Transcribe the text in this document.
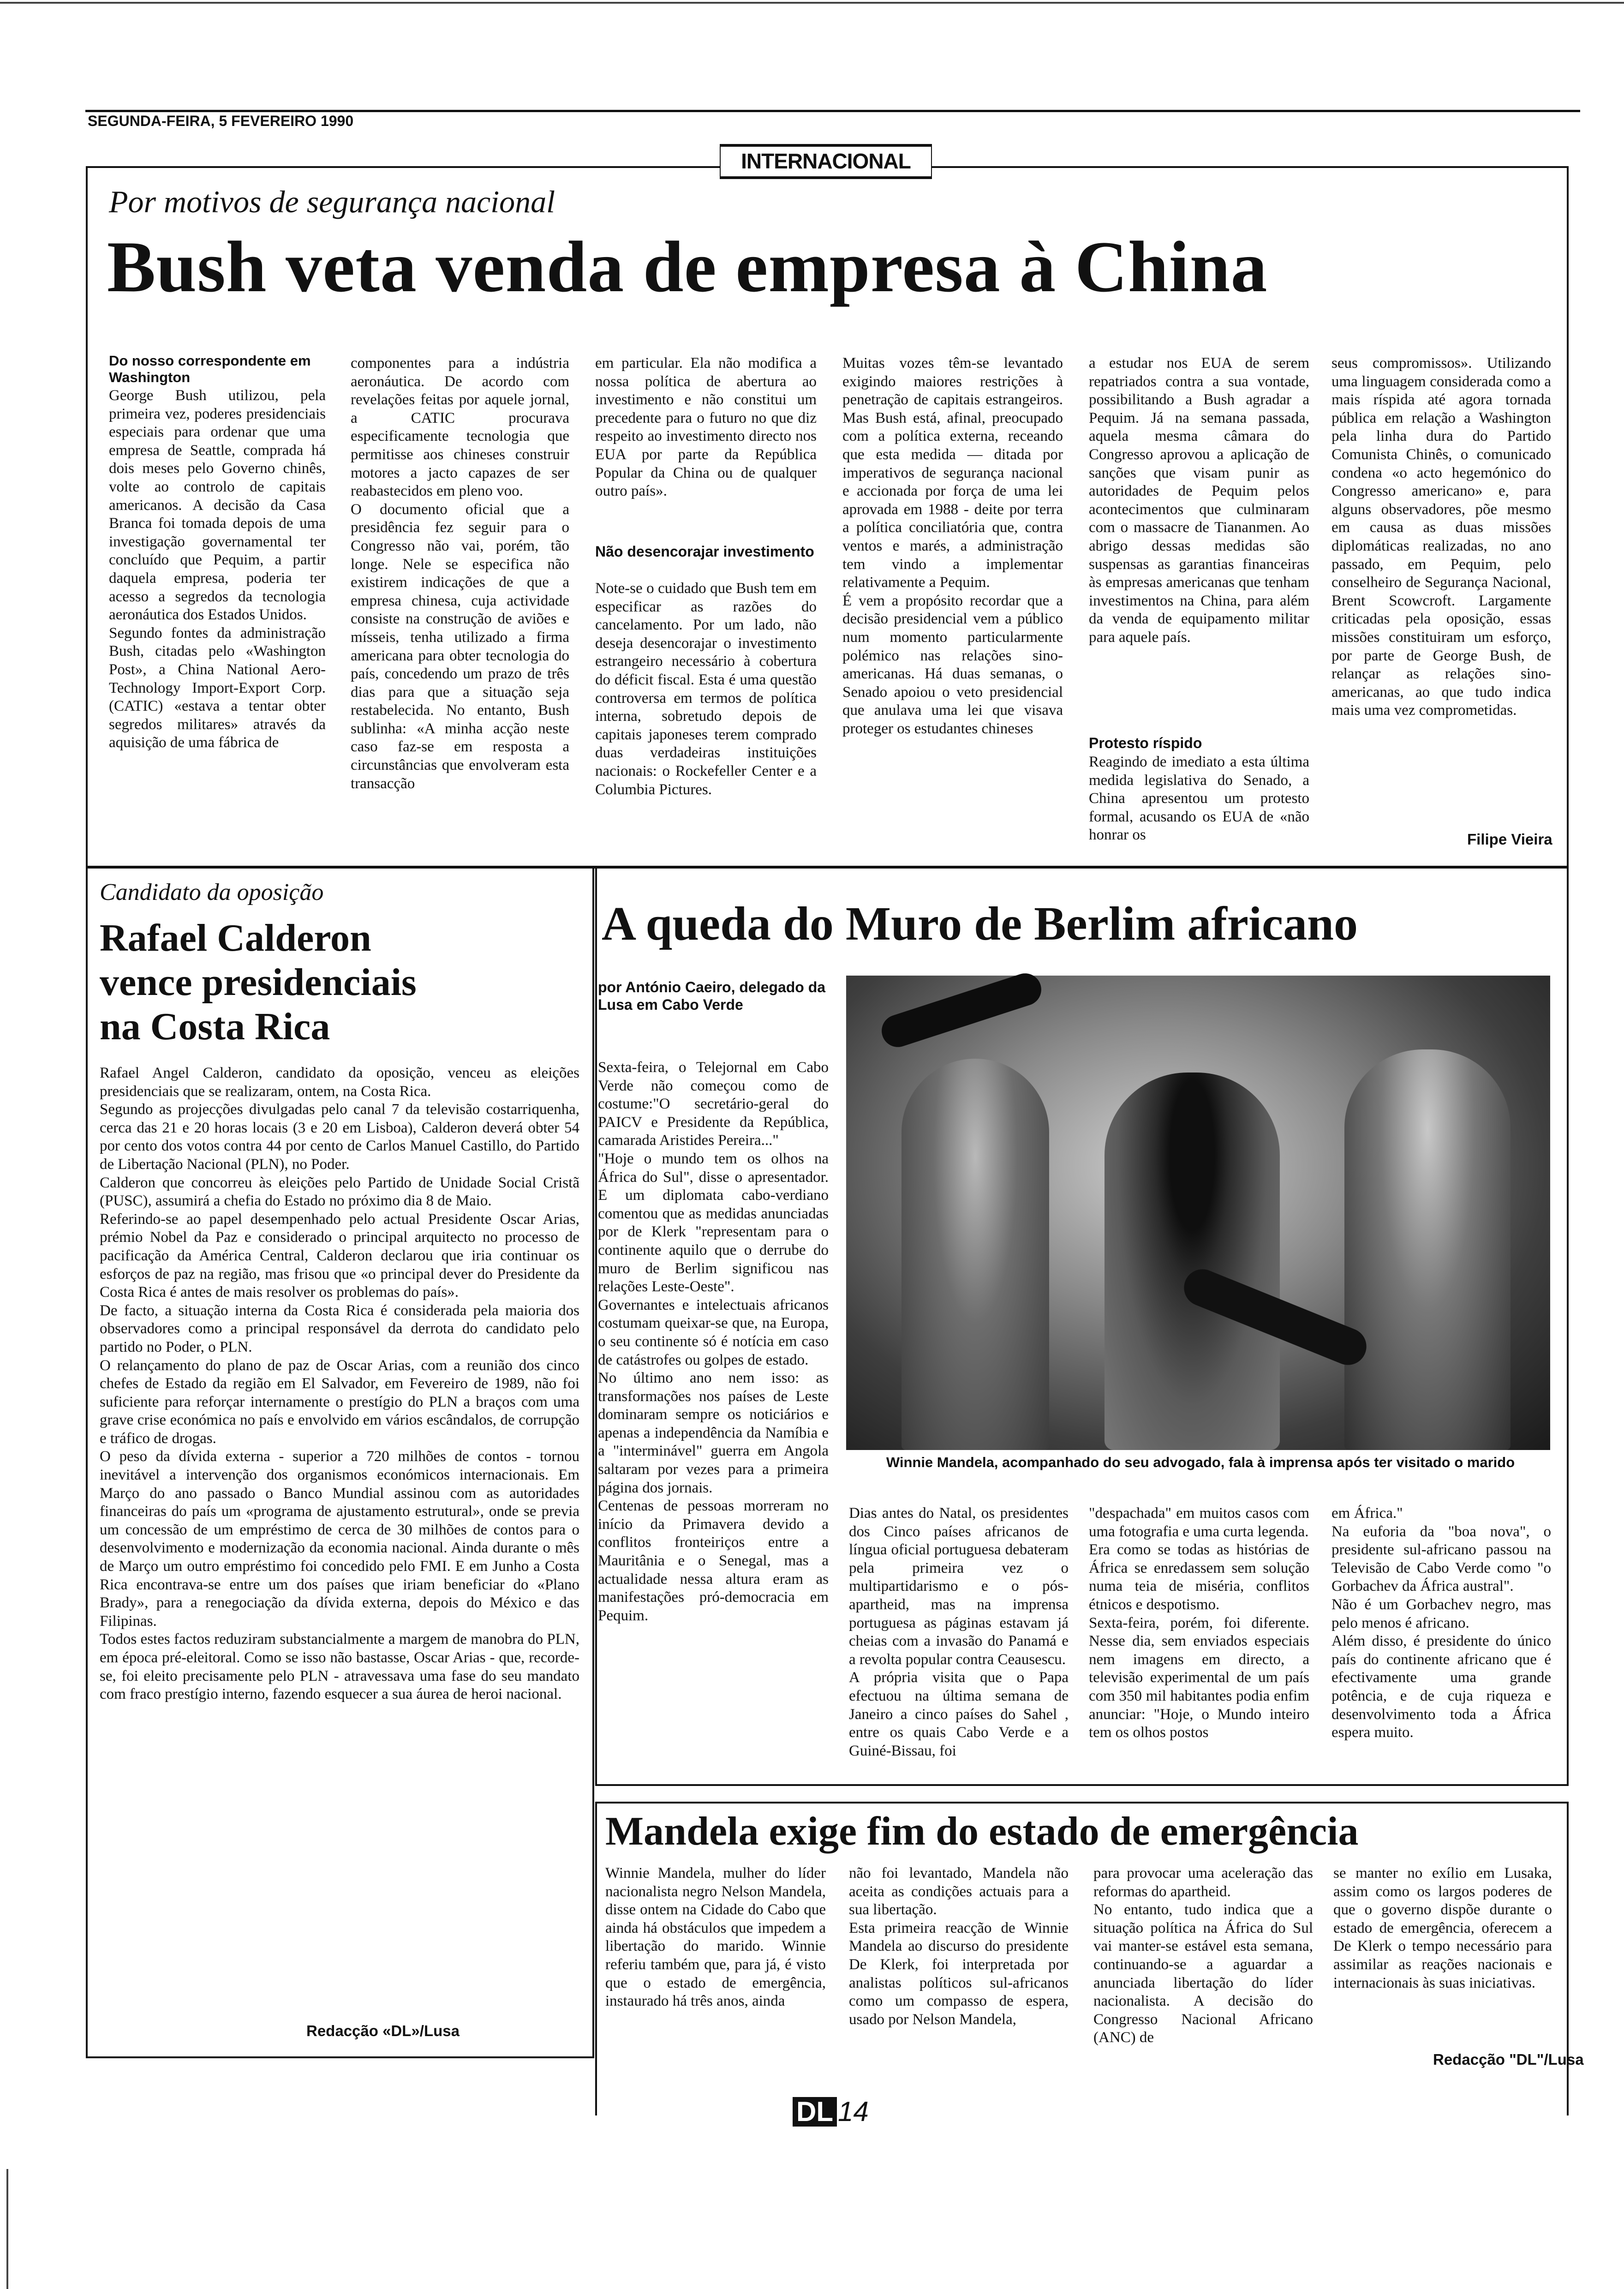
SEGUNDA-FEIRA, 5 FEVEREIRO 1990
INTERNACIONAL
Por motivos de segurança nacional
Bush veta venda de empresa à China
Do nosso correspondente em Washington
George Bush utilizou, pela primeira vez, poderes presidenciais especiais para ordenar que uma empresa de Seattle, comprada há dois meses pelo Governo chinês, volte ao controlo de capitais americanos. A decisão da Casa Branca foi tomada depois de uma investigação governamental ter concluído que Pequim, a partir daquela empresa, poderia ter acesso a segredos da tecnologia aeronáutica dos Estados Unidos.
Segundo fontes da administração Bush, citadas pelo «Washington Post», a China National Aero-Technology Import-Export Corp. (CATIC) «estava a tentar obter segredos militares» através da aquisição de uma fábrica de
componentes para a indústria aeronáutica. De acordo com revelações feitas por aquele jornal, a CATIC procurava especificamente tecnologia que permitisse aos chineses construir motores a jacto capazes de ser reabastecidos em pleno voo.
O documento oficial que a presidência fez seguir para o Congresso não vai, porém, tão longe. Nele se especifica não existirem indicações de que a empresa chinesa, cuja actividade consiste na construção de aviões e mísseis, tenha utilizado a firma americana para obter tecnologia do país, concedendo um prazo de três dias para que a situação seja restabelecida. No entanto, Bush sublinha: «A minha acção neste caso faz-se em resposta a circunstâncias que envolveram esta transacção
em particular. Ela não modifica a nossa política de abertura ao investimento e não constitui um precedente para o futuro no que diz respeito ao investimento directo nos EUA por parte da República Popular da China ou de qualquer outro país».
Não desencorajar investimento
Note-se o cuidado que Bush tem em especificar as razões do cancelamento. Por um lado, não deseja desencorajar o investimento estrangeiro necessário à cobertura do déficit fiscal. Esta é uma questão controversa em termos de política interna, sobretudo depois de capitais japoneses terem comprado duas verdadeiras instituições nacionais: o Rockefeller Center e a Columbia Pictures.
Muitas vozes têm-se levantado exigindo maiores restrições à penetração de capitais estrangeiros. Mas Bush está, afinal, preocupado com a política externa, receando que esta medida — ditada por imperativos de segurança nacional e accionada por força de uma lei aprovada em 1988 - deite por terra a política conciliatória que, contra ventos e marés, a administração tem vindo a implementar relativamente a Pequim.
É vem a propósito recordar que a decisão presidencial vem a público num momento particularmente polémico nas relações sino-americanas. Há duas semanas, o Senado apoiou o veto presidencial que anulava uma lei que visava proteger os estudantes chineses
a estudar nos EUA de serem repatriados contra a sua vontade, possibilitando a Bush agradar a Pequim. Já na semana passada, aquela mesma câmara do Congresso aprovou a aplicação de sanções que visam punir as autoridades de Pequim pelos acontecimentos que culminaram com o massacre de Tiananmen. Ao abrigo dessas medidas são suspensas as garantias financeiras às empresas americanas que tenham investimentos na China, para além da venda de equipamento militar para aquele país.
Protesto ríspido
Reagindo de imediato a esta última medida legislativa do Senado, a China apresentou um protesto formal, acusando os EUA de «não honrar os
seus compromissos». Utilizando uma linguagem considerada como a mais ríspida até agora tornada pública em relação a Washington pela linha dura do Partido Comunista Chinês, o comunicado condena «o acto hegemónico do Congresso americano» e, para alguns observadores, põe mesmo em causa as duas missões diplomáticas realizadas, no ano passado, em Pequim, pelo conselheiro de Segurança Nacional, Brent Scowcroft. Largamente criticadas pela oposição, essas missões constituiram um esforço, por parte de George Bush, de relançar as relações sino-americanas, ao que tudo indica mais uma vez comprometidas.
Filipe Vieira
Candidato da oposição
Rafael Calderon
vence presidenciais
na Costa Rica
Rafael Angel Calderon, candidato da oposição, venceu as eleições presidenciais que se realizaram, ontem, na Costa Rica.
Segundo as projecções divulgadas pelo canal 7 da televisão costarriquenha, cerca das 21 e 20 horas locais (3 e 20 em Lisboa), Calderon deverá obter 54 por cento dos votos contra 44 por cento de Carlos Manuel Castillo, do Partido de Libertação Nacional (PLN), no Poder.
Calderon que concorreu às eleições pelo Partido de Unidade Social Cristã (PUSC), assumirá a chefia do Estado no próximo dia 8 de Maio.
Referindo-se ao papel desempenhado pelo actual Presidente Oscar Arias, prémio Nobel da Paz e considerado o principal arquitecto no processo de pacificação da América Central, Calderon declarou que iria continuar os esforços de paz na região, mas frisou que «o principal dever do Presidente da Costa Rica é antes de mais resolver os problemas do país».
De facto, a situação interna da Costa Rica é considerada pela maioria dos observadores como a principal responsável da derrota do candidato pelo partido no Poder, o PLN.
O relançamento do plano de paz de Oscar Arias, com a reunião dos cinco chefes de Estado da região em El Salvador, em Fevereiro de 1989, não foi suficiente para reforçar internamente o prestígio do PLN a braços com uma grave crise económica no país e envolvido em vários escândalos, de corrupção e tráfico de drogas.
O peso da dívida externa - superior a 720 milhões de contos - tornou inevitável a intervenção dos organismos económicos internacionais. Em Março do ano passado o Banco Mundial assinou com as autoridades financeiras do país um «programa de ajustamento estrutural», onde se previa um concessão de um empréstimo de cerca de 30 milhões de contos para o desenvolvimento e modernização da economia nacional. Ainda durante o mês de Março um outro empréstimo foi concedido pelo FMI. E em Junho a Costa Rica encontrava-se entre um dos países que iriam beneficiar do «Plano Brady», para a renegociação da dívida externa, depois do México e das Filipinas.
Todos estes factos reduziram substancialmente a margem de manobra do PLN, em época pré-eleitoral. Como se isso não bastasse, Oscar Arias - que, recorde-se, foi eleito precisamente pelo PLN - atravessava uma fase do seu mandato com fraco prestígio interno, fazendo esquecer a sua áurea de heroi nacional.
Redacção «DL»/Lusa
A queda do Muro de Berlim africano
por António Caeiro, delegado da Lusa em Cabo Verde
Sexta-feira, o Telejornal em Cabo Verde não começou como de costume:"O secretário-geral do PAICV e Presidente da República, camarada Aristides Pereira..."
"Hoje o mundo tem os olhos na África do Sul", disse o apresentador. E um diplomata cabo-verdiano comentou que as medidas anunciadas por de Klerk "representam para o continente aquilo que o derrube do muro de Berlim significou nas relações Leste-Oeste".
Governantes e intelectuais africanos costumam queixar-se que, na Europa, o seu continente só é notícia em caso de catástrofes ou golpes de estado.
No último ano nem isso: as transformações nos países de Leste dominaram sempre os noticiários e apenas a independência da Namíbia e a "interminável" guerra em Angola saltaram por vezes para a primeira página dos jornais.
Centenas de pessoas morreram no início da Primavera devido a conflitos fronteiriços entre a Mauritânia e o Senegal, mas a actualidade nessa altura eram as manifestações pró-democracia em Pequim.
Winnie Mandela, acompanhado do seu advogado, fala à imprensa após ter visitado o marido
Dias antes do Natal, os presidentes dos Cinco países africanos de língua oficial portuguesa debateram pela primeira vez o multipartidarismo e o pós-apartheid, mas na imprensa portuguesa as páginas estavam já cheias com a invasão do Panamá e a revolta popular contra Ceausescu.
A própria visita que o Papa efectuou na última semana de Janeiro a cinco países do Sahel , entre os quais Cabo Verde e a Guiné-Bissau, foi
"despachada" em muitos casos com uma fotografia e uma curta legenda.
Era como se todas as histórias de África se enredassem sem solução numa teia de miséria, conflitos étnicos e despotismo.
Sexta-feira, porém, foi diferente. Nesse dia, sem enviados especiais nem imagens em directo, a televisão experimental de um país com 350 mil habitantes podia enfim anunciar: "Hoje, o Mundo inteiro tem os olhos postos
em África."
Na euforia da "boa nova", o presidente sul-africano passou na Televisão de Cabo Verde como "o Gorbachev da África austral".
Não é um Gorbachev negro, mas pelo menos é africano.
Além disso, é presidente do único país do continente africano que é efectivamente uma grande potência, e de cuja riqueza e desenvolvimento toda a África espera muito.
Mandela exige fim do estado de emergência
Winnie Mandela, mulher do líder nacionalista negro Nelson Mandela, disse ontem na Cidade do Cabo que ainda há obstáculos que impedem a libertação do marido. Winnie referiu também que, para já, é visto que o estado de emergência, instaurado há três anos, ainda
não foi levantado, Mandela não aceita as condições actuais para a sua libertação.
Esta primeira reacção de Winnie Mandela ao discurso do presidente De Klerk, foi interpretada por analistas políticos sul-africanos como um compasso de espera, usado por Nelson Mandela,
para provocar uma aceleração das reformas do apartheid.
No entanto, tudo indica que a situação política na África do Sul vai manter-se estável esta semana, continuando-se a aguardar a anunciada libertação do líder nacionalista. A decisão do Congresso Nacional Africano (ANC) de
se manter no exílio em Lusaka, assim como os largos poderes de que o governo dispõe durante o estado de emergência, oferecem a De Klerk o tempo necessário para assimilar as reações nacionais e internacionais às suas iniciativas.
Redacção "DL"/Lusa
DL 14
